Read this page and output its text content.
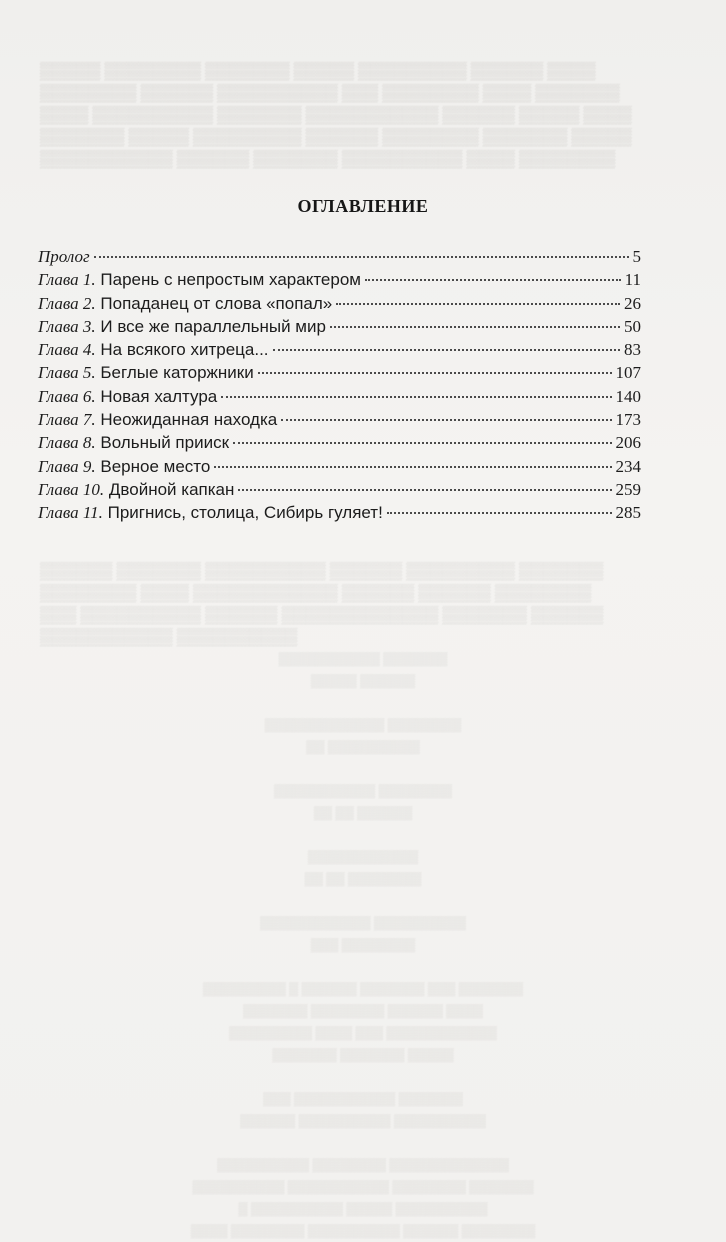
▒▒▒▒▒ ▒▒▒▒▒▒▒▒ ▒▒▒▒▒▒▒ ▒▒▒▒▒ ▒▒▒▒▒▒▒▒▒ ▒▒▒▒▒▒ ▒▒▒▒
▒▒▒▒▒▒▒▒ ▒▒▒▒▒▒ ▒▒▒▒▒▒▒▒▒▒ ▒▒▒ ▒▒▒▒▒▒▒▒ ▒▒▒▒ ▒▒▒▒▒▒▒
▒▒▒▒ ▒▒▒▒▒▒▒▒▒▒ ▒▒▒▒▒▒▒ ▒▒▒▒▒▒▒▒▒▒▒ ▒▒▒▒▒▒ ▒▒▒▒▒ ▒▒▒▒
▒▒▒▒▒▒▒ ▒▒▒▒▒ ▒▒▒▒▒▒▒▒▒ ▒▒▒▒▒▒ ▒▒▒▒▒▒▒▒ ▒▒▒▒▒▒▒ ▒▒▒▒▒
▒▒▒▒▒▒▒▒▒▒▒ ▒▒▒▒▒▒ ▒▒▒▒▒▒▒ ▒▒▒▒▒▒▒▒▒▒ ▒▒▒▒ ▒▒▒▒▒▒▒▒
▒▒▒▒▒▒ ▒▒▒▒▒▒▒ ▒▒▒▒▒▒▒▒▒▒ ▒▒▒▒▒▒ ▒▒▒▒▒▒▒▒▒ ▒▒▒▒▒▒▒
▒▒▒▒▒▒▒▒ ▒▒▒▒ ▒▒▒▒▒▒▒▒▒▒▒▒ ▒▒▒▒▒▒ ▒▒▒▒▒▒ ▒▒▒▒▒▒▒▒
▒▒▒ ▒▒▒▒▒▒▒▒▒▒ ▒▒▒▒▒▒ ▒▒▒▒▒▒▒▒▒▒▒▒▒ ▒▒▒▒▒▒▒ ▒▒▒▒▒▒
▒▒▒▒▒▒▒▒▒▒▒ ▒▒▒▒▒▒▒▒▒▒
▒▒▒▒▒▒▒▒▒▒▒ ▒▒▒▒▒▒▒
▒▒▒▒▒ ▒▒▒▒▒▒

▒▒▒▒▒▒▒▒▒▒▒▒▒ ▒▒▒▒▒▒▒▒
▒▒ ▒▒▒▒▒▒▒▒▒▒

▒▒▒▒▒▒▒▒▒▒▒ ▒▒▒▒▒▒▒▒
▒▒ ▒▒ ▒▒▒▒▒▒

▒▒▒▒▒▒▒▒▒▒▒▒
▒▒ ▒▒ ▒▒▒▒▒▒▒▒

▒▒▒▒▒▒▒▒▒▒▒▒ ▒▒▒▒▒▒▒▒▒▒
▒▒▒ ▒▒▒▒▒▒▒▒

▒▒▒▒▒▒▒▒▒ ▒ ▒▒▒▒▒▒ ▒▒▒▒▒▒▒ ▒▒▒ ▒▒▒▒▒▒▒
▒▒▒▒▒▒▒ ▒▒▒▒▒▒▒▒ ▒▒▒▒▒▒ ▒▒▒▒
▒▒▒▒▒▒▒▒▒ ▒▒▒▒ ▒▒▒ ▒▒▒▒▒▒▒▒▒▒▒▒
▒▒▒▒▒▒▒ ▒▒▒▒▒▒▒ ▒▒▒▒▒

▒▒▒ ▒▒▒▒▒▒▒▒▒▒▒ ▒▒▒▒▒▒▒
▒▒▒▒▒▒ ▒▒▒▒▒▒▒▒▒▒ ▒▒▒▒▒▒▒▒▒▒

▒▒▒▒▒▒▒▒▒▒ ▒▒▒▒▒▒▒▒ ▒▒▒▒▒▒▒▒▒▒▒▒▒
▒▒▒▒▒▒▒▒▒▒ ▒▒▒▒▒▒▒▒▒▒▒ ▒▒▒▒▒▒▒▒ ▒▒▒▒▒▒▒
▒ ▒▒▒▒▒▒▒▒▒▒ ▒▒▒▒▒ ▒▒▒▒▒▒▒▒▒▒
▒▒▒▒ ▒▒▒▒▒▒▒▒ ▒▒▒▒▒▒▒▒▒▒ ▒▒▒▒▒▒ ▒▒▒▒▒▒▒▒
ОГЛАВЛЕНИЕ
Пролог	5
Глава 1. Парень с непростым характером	11
Глава 2. Попаданец от слова «попал»	26
Глава 3. И все же параллельный мир	50
Глава 4. На всякого хитреца...	83
Глава 5. Беглые каторжники	107
Глава 6. Новая халтура	140
Глава 7. Неожиданная находка	173
Глава 8. Вольный прииск	206
Глава 9. Верное место	234
Глава 10. Двойной капкан	259
Глава 11. Пригнись, столица, Сибирь гуляет!	285
